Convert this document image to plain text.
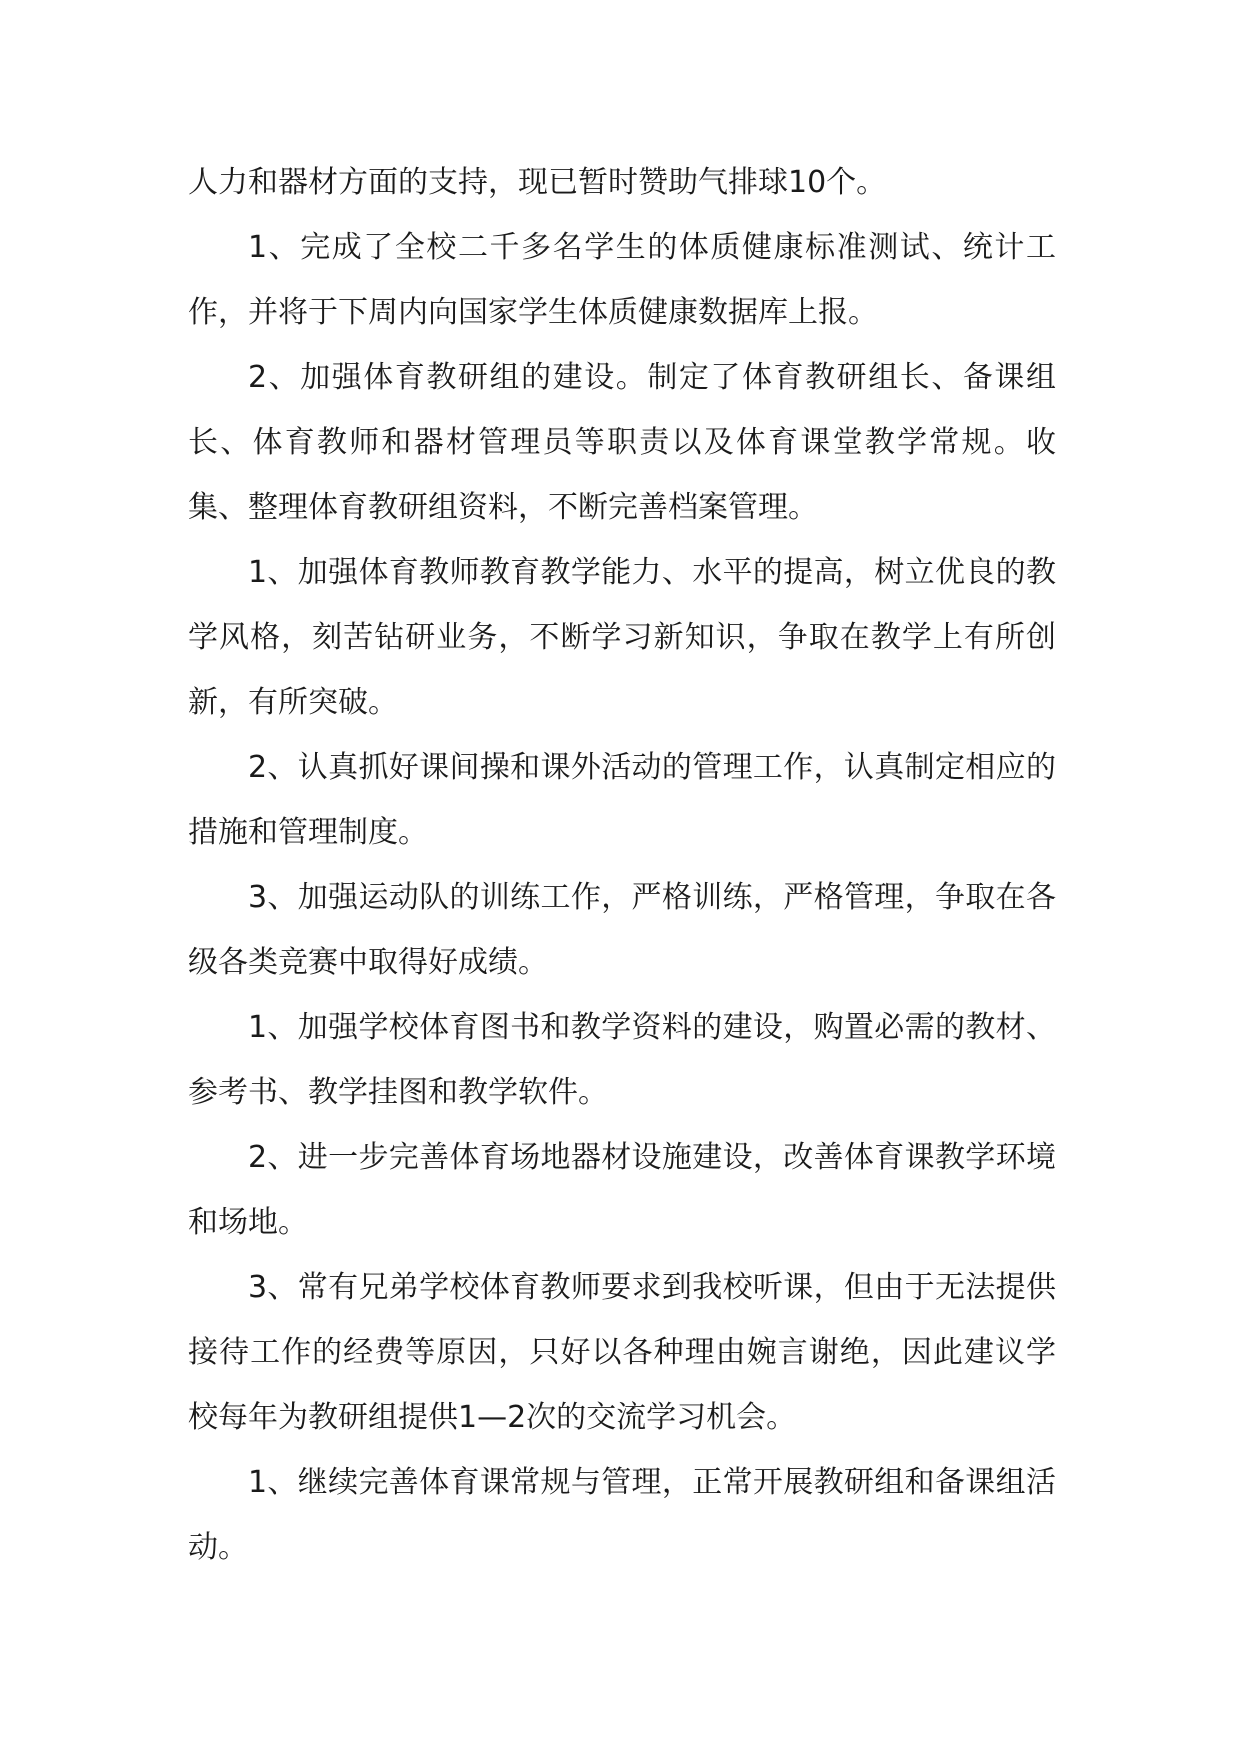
人力和器材方面的支持，现已暂时赞助气排球10个。

1、完成了全校二千多名学生的体质健康标准测试、统计工作，并将于下周内向国家学生体质健康数据库上报。

2、加强体育教研组的建设。制定了体育教研组长、备课组长、体育教师和器材管理员等职责以及体育课堂教学常规。收集、整理体育教研组资料，不断完善档案管理。

1、加强体育教师教育教学能力、水平的提高，树立优良的教学风格，刻苦钻研业务，不断学习新知识，争取在教学上有所创新，有所突破。

2、认真抓好课间操和课外活动的管理工作，认真制定相应的措施和管理制度。

3、加强运动队的训练工作，严格训练，严格管理，争取在各级各类竞赛中取得好成绩。

1、加强学校体育图书和教学资料的建设，购置必需的教材、参考书、教学挂图和教学软件。

2、进一步完善体育场地器材设施建设，改善体育课教学环境和场地。

3、常有兄弟学校体育教师要求到我校听课，但由于无法提供接待工作的经费等原因，只好以各种理由婉言谢绝，因此建议学校每年为教研组提供1—2次的交流学习机会。

1、继续完善体育课常规与管理，正常开展教研组和备课组活动。
